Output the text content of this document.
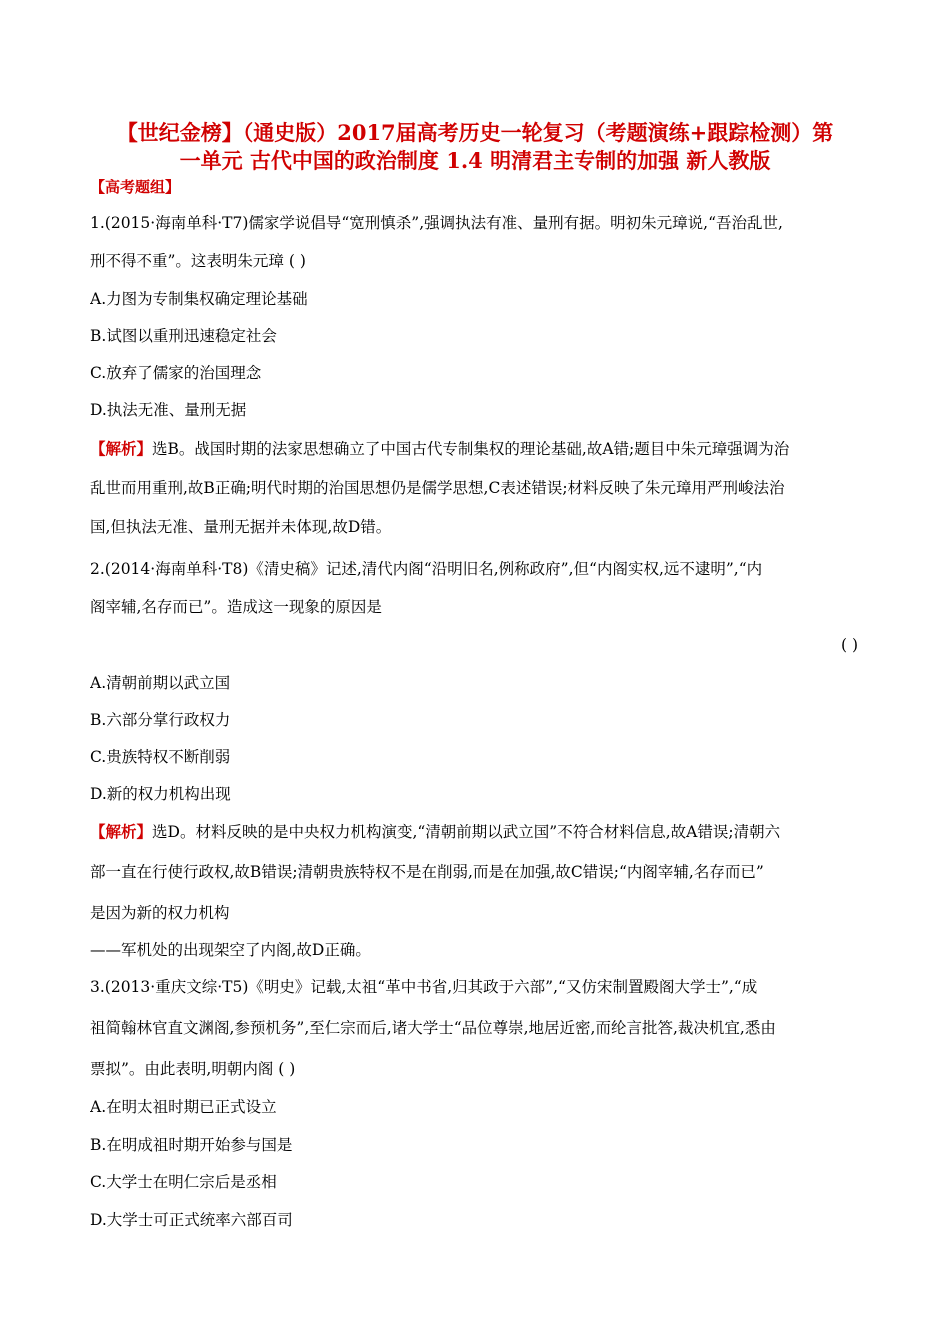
【世纪金榜】（通史版）2017届高考历史一轮复习（考题演练+跟踪检测）第
一单元 古代中国的政治制度 1.4 明清君主专制的加强 新人教版
【高考题组】
1.(2015·海南单科·T7)儒家学说倡导“宽刑慎杀”,强调执法有准、量刑有据。明初朱元璋说,“吾治乱世,
刑不得不重”。这表明朱元璋 ( )
A.力图为专制集权确定理论基础
B.试图以重刑迅速稳定社会
C.放弃了儒家的治国理念
D.执法无准、量刑无据
【解析】选B。战国时期的法家思想确立了中国古代专制集权的理论基础,故A错;题目中朱元璋强调为治
乱世而用重刑,故B正确;明代时期的治国思想仍是儒学思想,C表述错误;材料反映了朱元璋用严刑峻法治
国,但执法无准、量刑无据并未体现,故D错。
2.(2014·海南单科·T8)《清史稿》记述,清代内阁“沿明旧名,例称政府”,但“内阁实权,远不逮明”,“内
阁宰辅,名存而已”。造成这一现象的原因是
( )
A.清朝前期以武立国
B.六部分掌行政权力
C.贵族特权不断削弱
D.新的权力机构出现
【解析】选D。材料反映的是中央权力机构演变,“清朝前期以武立国”不符合材料信息,故A错误;清朝六
部一直在行使行政权,故B错误;清朝贵族特权不是在削弱,而是在加强,故C错误;“内阁宰辅,名存而已”
是因为新的权力机构
——军机处的出现架空了内阁,故D正确。
3.(2013·重庆文综·T5)《明史》记载,太祖“革中书省,归其政于六部”,“又仿宋制置殿阁大学士”,“成
祖简翰林官直文渊阁,参预机务”,至仁宗而后,诸大学士“品位尊崇,地居近密,而纶言批答,裁决机宜,悉由
票拟”。由此表明,明朝内阁 ( )
A.在明太祖时期已正式设立
B.在明成祖时期开始参与国是
C.大学士在明仁宗后是丞相
D.大学士可正式统率六部百司
